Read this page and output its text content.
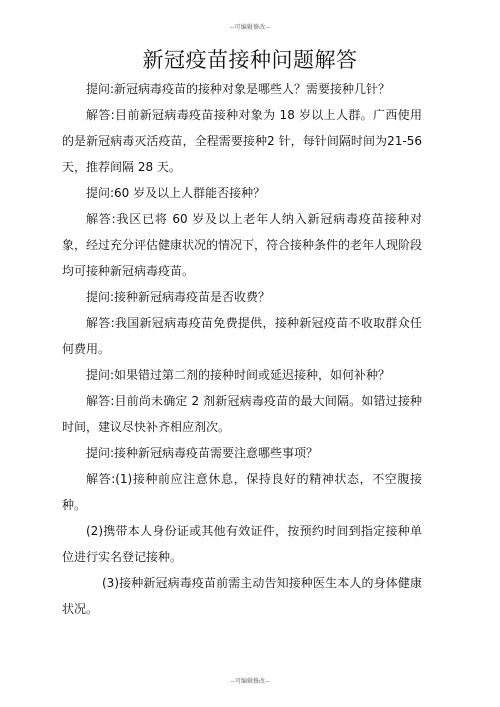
--可编辑修改--
新冠疫苗接种问题解答

提问:新冠病毒疫苗的接种对象是哪些人？需要接种几针？

解答:目前新冠病毒疫苗接种对象为 18 岁以上人群。广西使用的是新冠病毒灭活疫苗，全程需要接种2 针，每针间隔时间为21-56 天，推荐间隔 28 天。

提问:60 岁及以上人群能否接种？

解答:我区已将 60 岁及以上老年人纳入新冠病毒疫苗接种对象，经过充分评估健康状况的情况下，符合接种条件的老年人现阶段均可接种新冠病毒疫苗。

提问:接种新冠病毒疫苗是否收费？

解答:我国新冠病毒疫苗免费提供，接种新冠疫苗不收取群众任何费用。

提问:如果错过第二剂的接种时间或延迟接种，如何补种？

解答:目前尚未确定 2 剂新冠病毒疫苗的最大间隔。如错过接种时间，建议尽快补齐相应剂次。

提问:接种新冠病毒疫苗需要注意哪些事项？

解答:(1)接种前应注意休息，保持良好的精神状态，不空腹接种。

(2)携带本人身份证或其他有效证件，按预约时间到指定接种单位进行实名登记接种。

(3)接种新冠病毒疫苗前需主动告知接种医生本人的身体健康状况。

--可编辑修改--
